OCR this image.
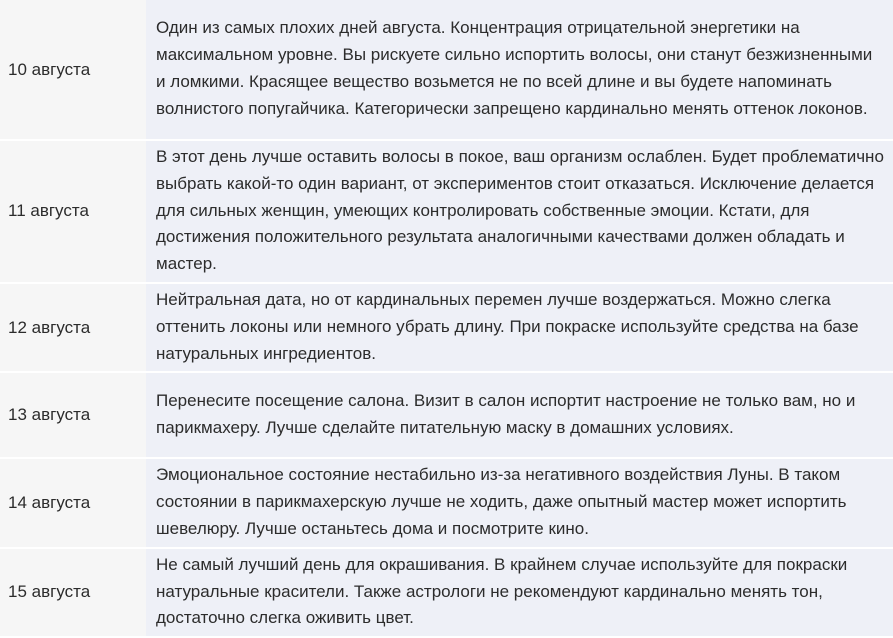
10 августа	Один из самых плохих дней августа. Концентрация отрицательной энергетики на максимальном уровне. Вы рискуете сильно испортить волосы, они станут безжизненными и ломкими. Красящее вещество возьмется не по всей длине и вы будете напоминать волнистого попугайчика. Категорически запрещено кардинально менять оттенок локонов.
11 августа	В этот день лучше оставить волосы в покое, ваш организм ослаблен. Будет проблематично выбрать какой-то один вариант, от экспериментов стоит отказаться. Исключение делается для сильных женщин, умеющих контролировать собственные эмоции. Кстати, для достижения положительного результата аналогичными качествами должен обладать и мастер.
12 августа	Нейтральная дата, но от кардинальных перемен лучше воздержаться. Можно слегка оттенить локоны или немного убрать длину. При покраске используйте средства на базе натуральных ингредиентов.
13 августа	Перенесите посещение салона. Визит в салон испортит настроение не только вам, но и парикмахеру. Лучше сделайте питательную маску в домашних условиях.
14 августа	Эмоциональное состояние нестабильно из-за негативного воздействия Луны. В таком состоянии в парикмахерскую лучше не ходить, даже опытный мастер может испортить шевелюру. Лучше останьтесь дома и посмотрите кино.
15 августа	Не самый лучший день для окрашивания. В крайнем случае используйте для покраски натуральные красители. Также астрологи не рекомендуют кардинально менять тон, достаточно слегка оживить цвет.
